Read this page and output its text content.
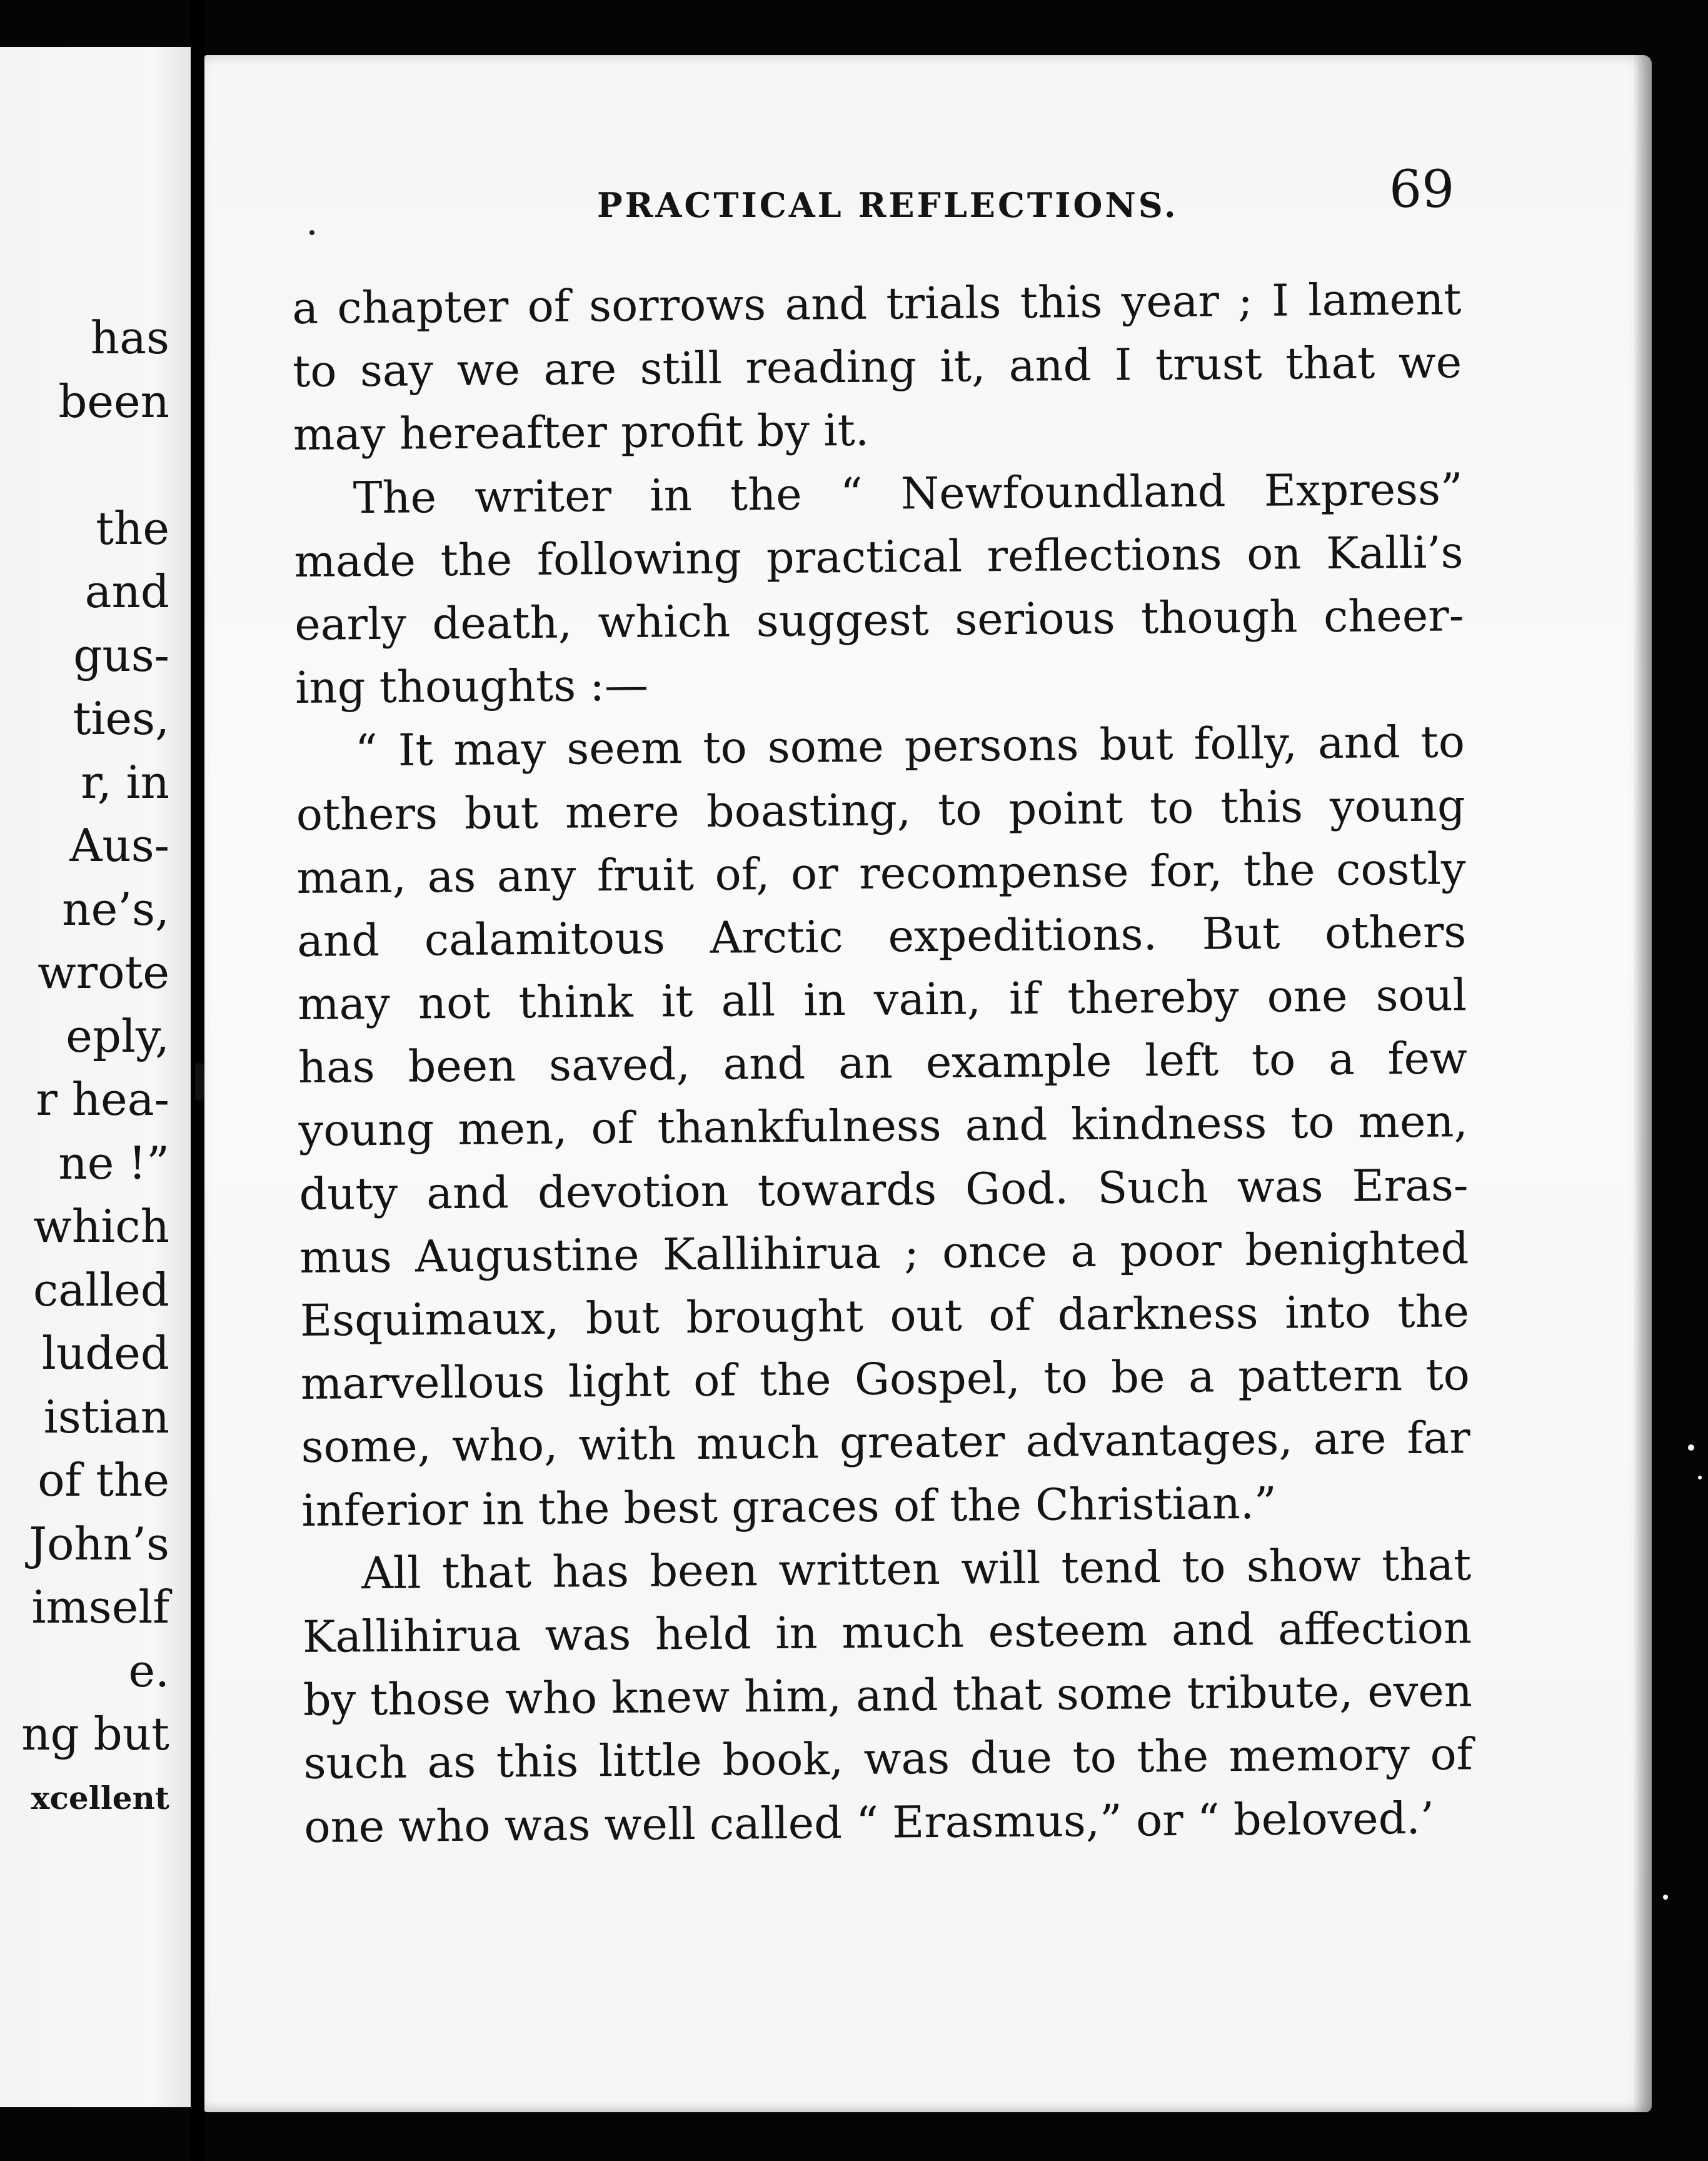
has
been
the
and
gus-
ties,
r, in
Aus-
ne’s,
wrote
eply,
r hea-
ne !”
which
called
luded
istian
of the
John’s
imself
e.
ng but
xcellent
PRACTICAL REFLECTIONS.	69
a chapter of sorrows and trials this year ; I lament
to say we are still reading it, and I trust that we
may hereafter profit by it.
The writer in the “ Newfoundland Express”
made the following practical reflections on Kalli’s
early death, which suggest serious though cheer-
ing thoughts :—
“ It may seem to some persons but folly, and to
others but mere boasting, to point to this young
man, as any fruit of, or recompense for, the costly
and calamitous Arctic expeditions. But others
may not think it all in vain, if thereby one soul
has been saved, and an example left to a few
young men, of thankfulness and kindness to men,
duty and devotion towards God. Such was Eras-
mus Augustine Kallihirua ; once a poor benighted
Esquimaux, but brought out of darkness into the
marvellous light of the Gospel, to be a pattern to
some, who, with much greater advantages, are far
inferior in the best graces of the Christian.”
All that has been written will tend to show that
Kallihirua was held in much esteem and affection
by those who knew him, and that some tribute, even
such as this little book, was due to the memory of
one who was well called “ Erasmus,” or “ beloved.’
